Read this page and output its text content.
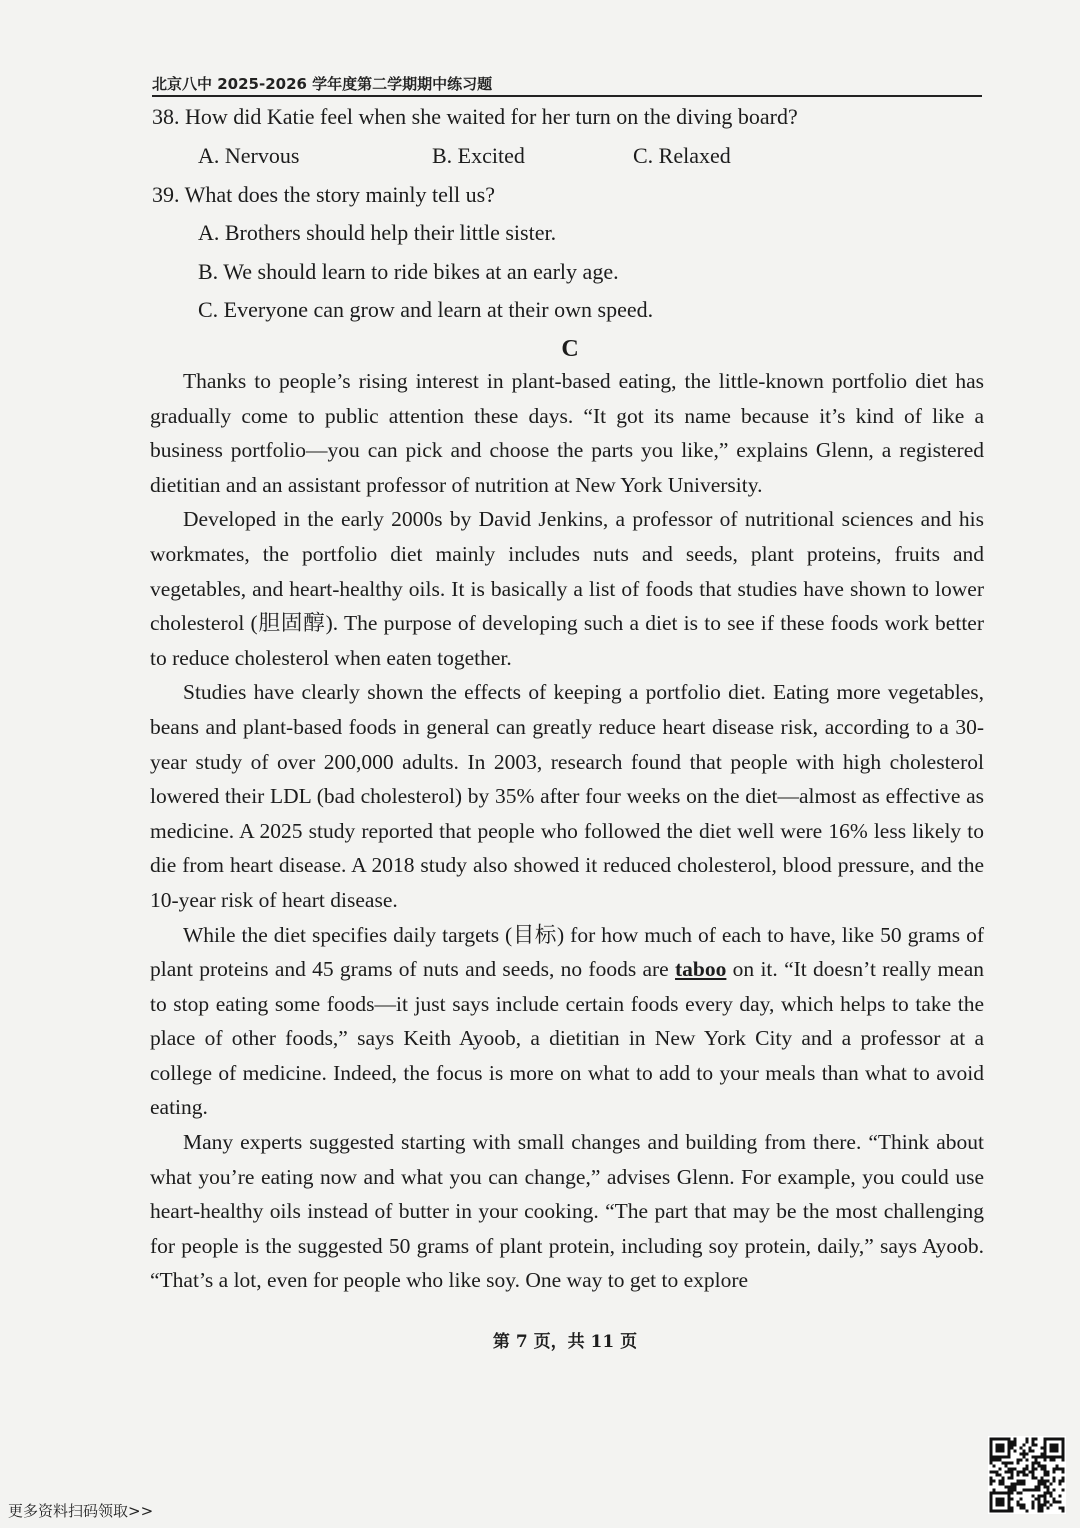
北京八中 2025-2026 学年度第二学期期中练习题
38. How did Katie feel when she waited for her turn on the diving board?
A. Nervous	B. Excited	C. Relaxed
39. What does the story mainly tell us?
A. Brothers should help their little sister.
B. We should learn to ride bikes at an early age.
C. Everyone can grow and learn at their own speed.
C

Thanks to people’s rising interest in plant-based eating, the little-known portfolio diet has gradually come to public attention these days. “It got its name because it’s kind of like a business portfolio—you can pick and choose the parts you like,” explains Glenn, a registered dietitian and an assistant professor of nutrition at New York University.

Developed in the early 2000s by David Jenkins, a professor of nutritional sciences and his workmates, the portfolio diet mainly includes nuts and seeds, plant proteins, fruits and vegetables, and heart-healthy oils. It is basically a list of foods that studies have shown to lower cholesterol (胆固醇). The purpose of developing such a diet is to see if these foods work better to reduce cholesterol when eaten together.

Studies have clearly shown the effects of keeping a portfolio diet. Eating more vegetables, beans and plant-based foods in general can greatly reduce heart disease risk, according to a 30-year study of over 200,000 adults. In 2003, research found that people with high cholesterol lowered their LDL (bad cholesterol) by 35% after four weeks on the diet—almost as effective as medicine. A 2025 study reported that people who followed the diet well were 16% less likely to die from heart disease. A 2018 study also showed it reduced cholesterol, blood pressure, and the 10-year risk of heart disease.

While the diet specifies daily targets (目标) for how much of each to have, like 50 grams of plant proteins and 45 grams of nuts and seeds, no foods are taboo on it. “It doesn’t really mean to stop eating some foods—it just says include certain foods every day, which helps to take the place of other foods,” says Keith Ayoob, a dietitian in New York City and a professor at a college of medicine. Indeed, the focus is more on what to add to your meals than what to avoid eating.

Many experts suggested starting with small changes and building from there. “Think about what you’re eating now and what you can change,” advises Glenn. For example, you could use heart-healthy oils instead of butter in your cooking. “The part that may be the most challenging for people is the suggested 50 grams of plant protein, including soy protein, daily,” says Ayoob. “That’s a lot, even for people who like soy. One way to get to explore

第 7 页，共 11 页
更多资料扫码领取>>
